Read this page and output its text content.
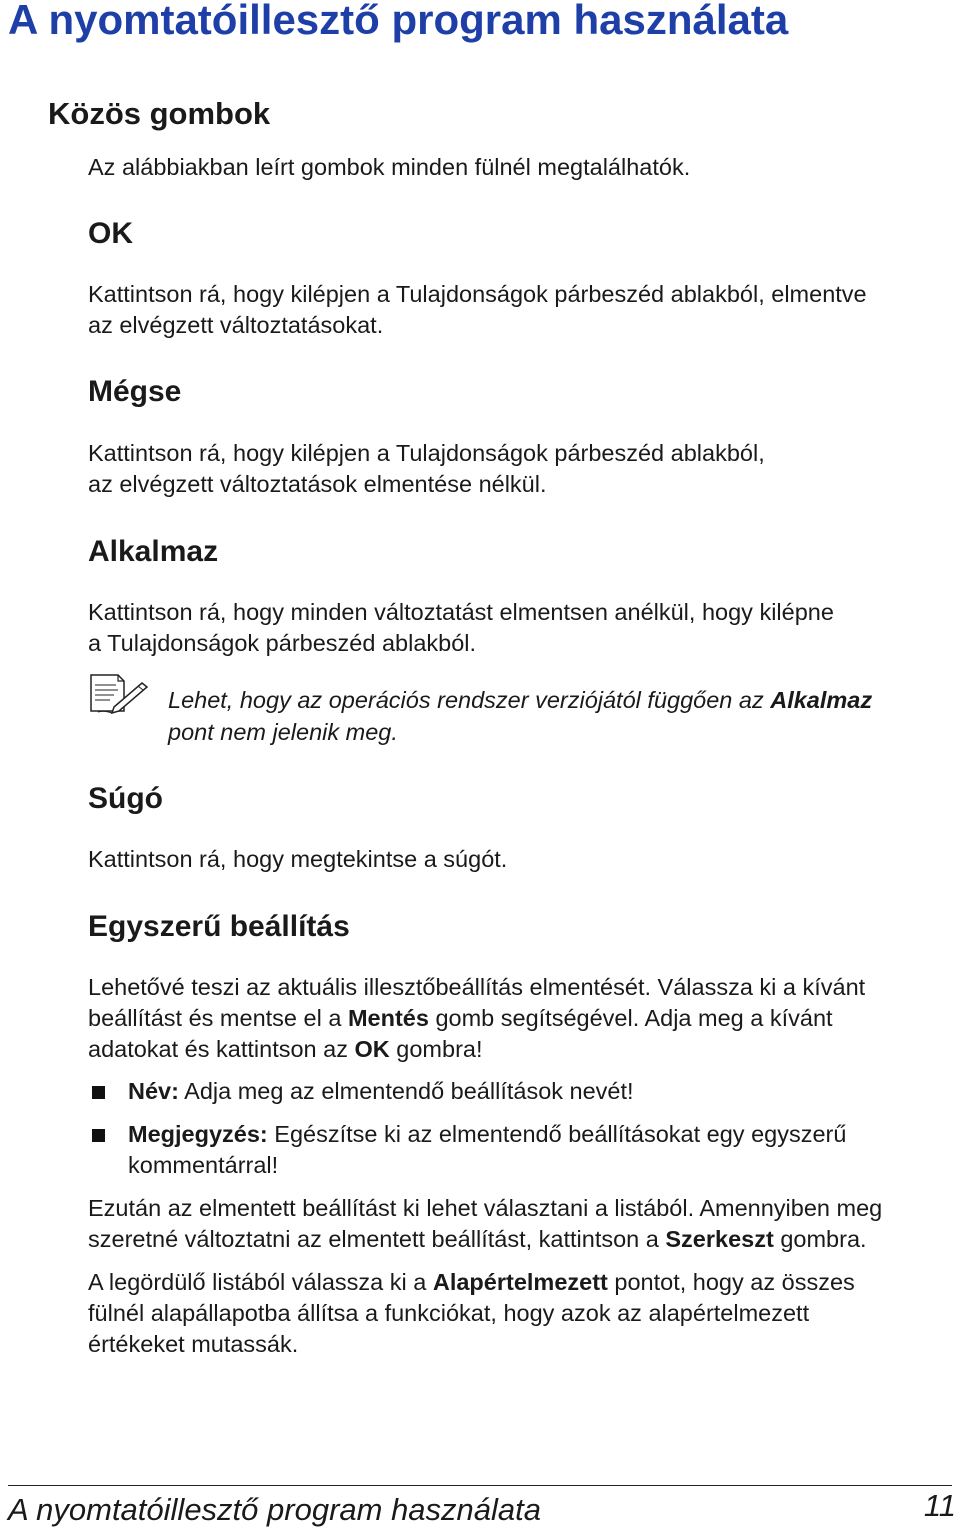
A nyomtatóillesztő program használata
Közös gombok

Az alábbiakban leírt gombok minden fülnél megtalálhatók.

OK

Kattintson rá, hogy kilépjen a Tulajdonságok párbeszéd ablakból, elmentve

az elvégzett változtatásokat.

Mégse

Kattintson rá, hogy kilépjen a Tulajdonságok párbeszéd ablakból,

az elvégzett változtatások elmentése nélkül.

Alkalmaz

Kattintson rá, hogy minden változtatást elmentsen anélkül, hogy kilépne

a Tulajdonságok párbeszéd ablakból.

Lehet, hogy az operációs rendszer verziójától függően az Alkalmaz

pont nem jelenik meg.

Súgó

Kattintson rá, hogy megtekintse a súgót.

Egyszerű beállítás

Lehetővé teszi az aktuális illesztőbeállítás elmentését. Válassza ki a kívánt

beállítást és mentse el a Mentés gomb segítségével. Adja meg a kívánt

adatokat és kattintson az OK gombra!

Név: Adja meg az elmentendő beállítások nevét!

Megjegyzés: Egészítse ki az elmentendő beállításokat egy egyszerű

kommentárral!

Ezután az elmentett beállítást ki lehet választani a listából. Amennyiben meg

szeretné változtatni az elmentett beállítást, kattintson a Szerkeszt gombra.

A legördülő listából válassza ki a Alapértelmezett pontot, hogy az összes

fülnél alapállapotba állítsa a funkciókat, hogy azok az alapértelmezett

értékeket mutassák.

A nyomtatóillesztő program használata	11
